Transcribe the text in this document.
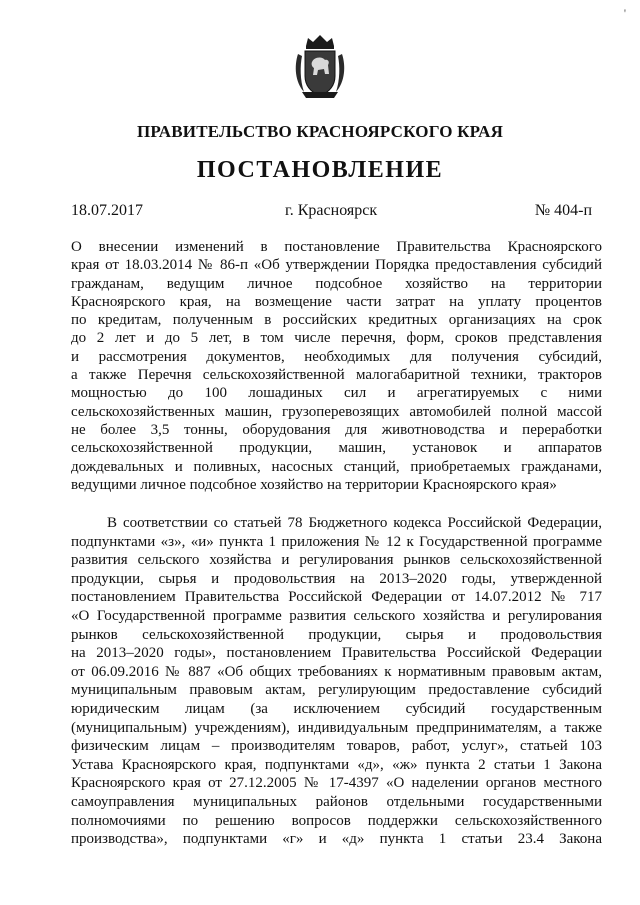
'
ПРАВИТЕЛЬСТВО КРАСНОЯРСКОГО КРАЯ
ПОСТАНОВЛЕНИЕ
18.07.2017	г. Красноярск	№ 404-п
О внесении изменений в постановление Правительства Красноярского
края от 18.03.2014 № 86-п «Об утверждении Порядка предоставления субсидий
гражданам, ведущим личное подсобное хозяйство на территории
Красноярского края, на возмещение части затрат на уплату процентов
по кредитам, полученным в российских кредитных организациях на срок
до 2 лет и до 5 лет, в том числе перечня, форм, сроков представления
и рассмотрения документов, необходимых для получения субсидий,
а также Перечня сельскохозяйственной малогабаритной техники, тракторов
мощностью до 100 лошадиных сил и агрегатируемых с ними
сельскохозяйственных машин, грузоперевозящих автомобилей полной массой
не более 3,5 тонны, оборудования для животноводства и переработки
сельскохозяйственной продукции, машин, установок и аппаратов
дождевальных и поливных, насосных станций, приобретаемых гражданами,
ведущими личное подсобное хозяйство на территории Красноярского края»
В соответствии со статьей 78 Бюджетного кодекса Российской Федерации,
подпунктами «з», «и» пункта 1 приложения № 12 к Государственной программе
развития сельского хозяйства и регулирования рынков сельскохозяйственной
продукции, сырья и продовольствия на 2013–2020 годы, утвержденной
постановлением Правительства Российской Федерации от 14.07.2012 № 717
«О Государственной программе развития сельского хозяйства и регулирования
рынков сельскохозяйственной продукции, сырья и продовольствия
на 2013–2020 годы», постановлением Правительства Российской Федерации
от 06.09.2016 № 887 «Об общих требованиях к нормативным правовым актам,
муниципальным правовым актам, регулирующим предоставление субсидий
юридическим лицам (за исключением субсидий государственным
(муниципальным) учреждениям), индивидуальным предпринимателям, а также
физическим лицам – производителям товаров, работ, услуг», статьей 103
Устава Красноярского края, подпунктами «д», «ж» пункта 2 статьи 1 Закона
Красноярского края от 27.12.2005 № 17-4397 «О наделении органов местного
самоуправления муниципальных районов отдельными государственными
полномочиями по решению вопросов поддержки сельскохозяйственного
производства», подпунктами «г» и «д» пункта 1 статьи 23.4 Закона
